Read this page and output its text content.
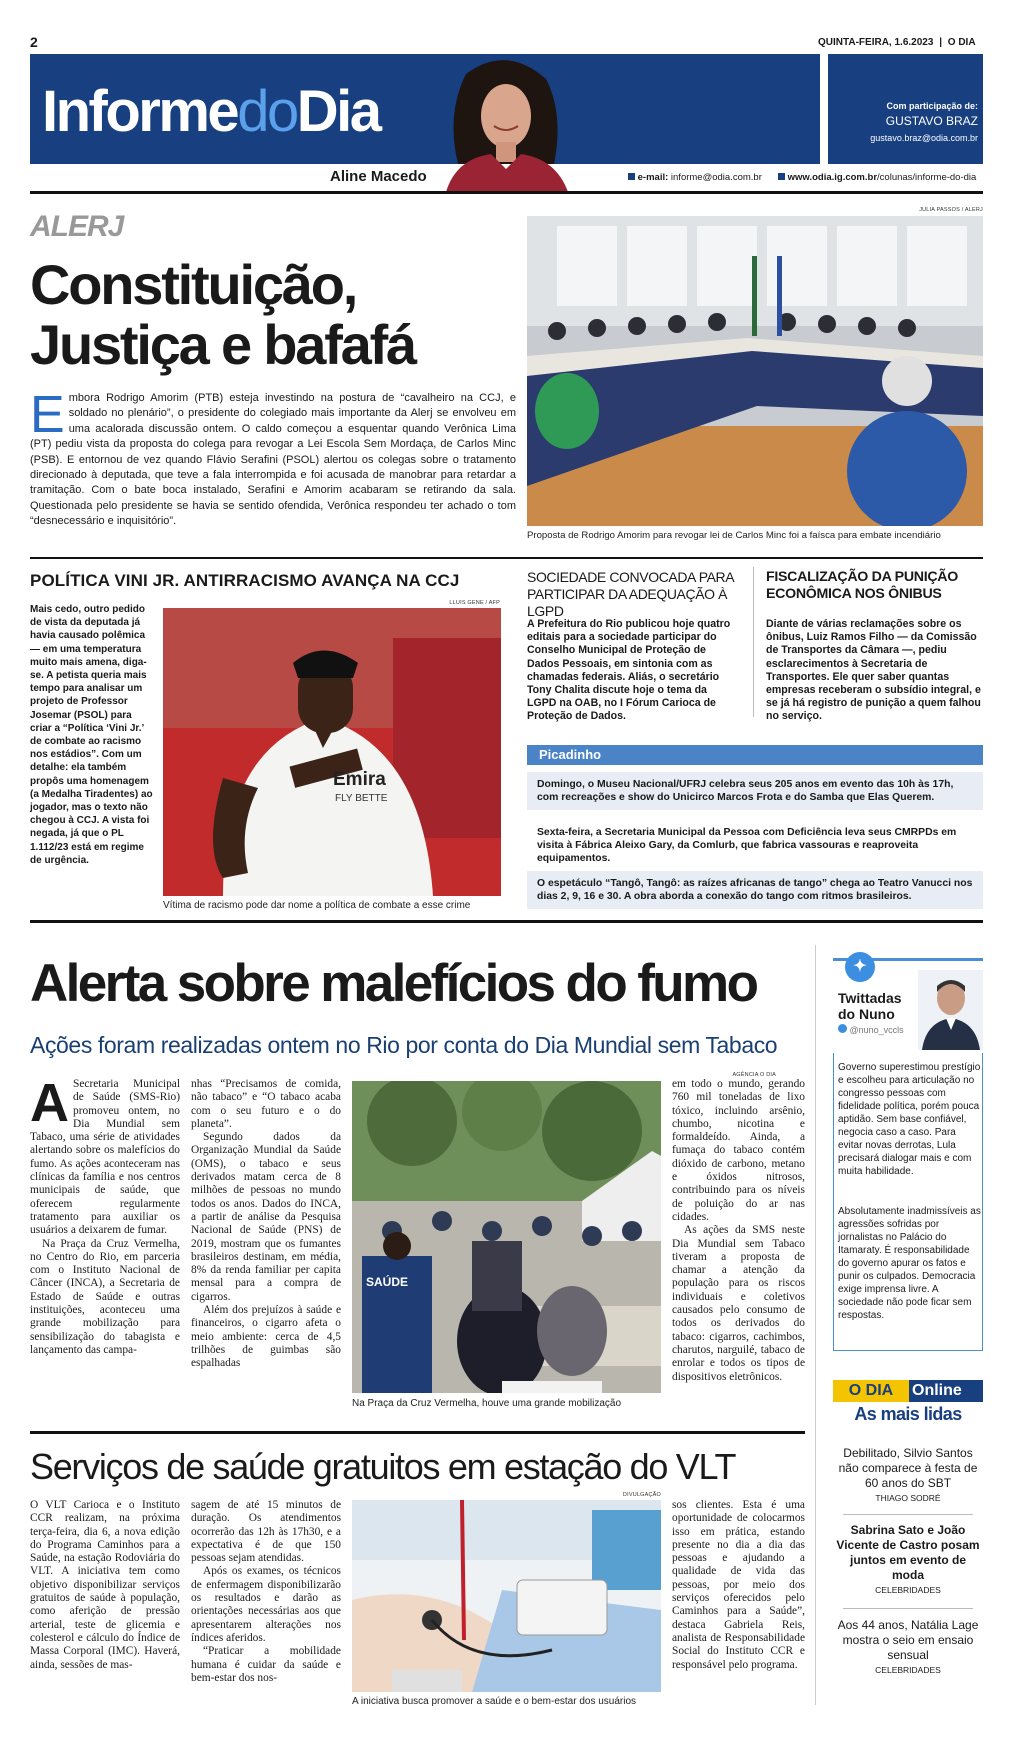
2	QUINTA-FEIRA, 1.6.2023 | O DIA
InformedoDia	Com participação de:
GUSTAVO BRAZ
gustavo.braz@odia.com.br
Aline Macedo	e-mail: informe@odia.com.br	www.odia.ig.com.br/colunas/informe-do-dia
ALERJ
Constituição,
Justiça e bafafá
Embora Rodrigo Amorim (PTB) esteja investindo na postura de “cavalheiro na CCJ, e soldado no plenário”, o presidente do colegiado mais importante da Alerj se envolveu em uma acalorada discussão ontem. O caldo começou a esquentar quando Verônica Lima (PT) pediu vista da proposta do colega para revogar a Lei Escola Sem Mordaça, de Carlos Minc (PSB). E entornou de vez quando Flávio Serafini (PSOL) alertou os colegas sobre o tratamento direcionado à deputada, que teve a fala interrompida e foi acusada de manobrar para retardar a tramitação. Com o bate boca instalado, Serafini e Amorim acabaram se retirando da sala. Questionada pelo presidente se havia se sentido ofendida, Verônica respondeu ter achado o tom “desnecessário e inquisitório”.
JULIA PASSOS / ALERJ
Proposta de Rodrigo Amorim para revogar lei de Carlos Minc foi a faísca para embate incendiário
POLÍTICA VINI JR. ANTIRRACISMO AVANÇA NA CCJ
Mais cedo, outro pedido de vista da deputada já havia causado polêmica — em uma temperatura muito mais amena, diga-se. A petista queria mais tempo para analisar um projeto de Professor Josemar (PSOL) para criar a “Política ‘Vini Jr.’ de combate ao racismo nos estádios”. Com um detalhe: ela também propôs uma homenagem (a Medalha Tiradentes) ao jogador, mas o texto não chegou à CCJ. A vista foi negada, já que o PL 1.112/23 está em regime de urgência.
LLUIS GENE / AFP
Emira
FLY BETTE
Vítima de racismo pode dar nome a política de combate a esse crime
SOCIEDADE CONVOCADA PARA PARTICIPAR DA ADEQUAÇÃO À LGPD
A Prefeitura do Rio publicou hoje quatro editais para a sociedade participar do Conselho Municipal de Proteção de Dados Pessoais, em sintonia com as chamadas federais. Aliás, o secretário Tony Chalita discute hoje o tema da LGPD na OAB, no I Fórum Carioca de Proteção de Dados.
FISCALIZAÇÃO DA PUNIÇÃO ECONÔMICA NOS ÔNIBUS
Diante de várias reclamações sobre os ônibus, Luiz Ramos Filho — da Comissão de Transportes da Câmara —, pediu esclarecimentos à Secretaria de Transportes. Ele quer saber quantas empresas receberam o subsídio integral, e se já há registro de punição a quem falhou no serviço.
Picadinho
Domingo, o Museu Nacional/UFRJ celebra seus 205 anos em evento das 10h às 17h, com recreações e show do Unicirco Marcos Frota e do Samba que Elas Querem.
Sexta-feira, a Secretaria Municipal da Pessoa com Deficiência leva seus CMRPDs em visita à Fábrica Aleixo Gary, da Comlurb, que fabrica vassouras e reaproveita equipamentos.
O espetáculo “Tangô, Tangô: as raízes africanas de tango” chega ao Teatro Vanucci nos dias 2, 9, 16 e 30. A obra aborda a conexão do tango com ritmos brasileiros.
Alerta sobre malefícios do fumo
Ações foram realizadas ontem no Rio por conta do Dia Mundial sem Tabaco
A Secretaria Municipal de Saúde (SMS-Rio) promoveu ontem, no Dia Mundial sem Tabaco, uma série de atividades alertando sobre os malefícios do fumo. As ações aconteceram nas clínicas da família e nos centros municipais de saúde, que oferecem regularmente tratamento para auxiliar os usuários a deixarem de fumar.
Na Praça da Cruz Vermelha, no Centro do Rio, em parceria com o Instituto Nacional de Câncer (INCA), a Secretaria de Estado de Saúde e outras instituições, aconteceu uma grande mobilização para sensibilização do tabagista e lançamento das campa-
nhas “Precisamos de comida, não tabaco” e “O tabaco acaba com o seu futuro e o do planeta”.
Segundo dados da Organização Mundial da Saúde (OMS), o tabaco e seus derivados matam cerca de 8 milhões de pessoas no mundo todos os anos. Dados do INCA, a partir de análise da Pesquisa Nacional de Saúde (PNS) de 2019, mostram que os fumantes brasileiros destinam, em média, 8% da renda familiar per capita mensal para a compra de cigarros.
Além dos prejuízos à saúde e financeiros, o cigarro afeta o meio ambiente: cerca de 4,5 trilhões de guimbas são espalhadas
AGÊNCIA O DIA
SAÚDE
Na Praça da Cruz Vermelha, houve uma grande mobilização
em todo o mundo, gerando 760 mil toneladas de lixo tóxico, incluindo arsênio, chumbo, nicotina e formaldeído. Ainda, a fumaça do tabaco contém dióxido de carbono, metano e óxidos nitrosos, contribuindo para os níveis de poluição do ar nas cidades.
As ações da SMS neste Dia Mundial sem Tabaco tiveram a proposta de chamar a atenção da população para os riscos individuais e coletivos causados pelo consumo de todos os derivados do tabaco: cigarros, cachimbos, charutos, narguilé, tabaco de enrolar e todos os tipos de dispositivos eletrônicos.
✦
Twittadas
do Nuno
@nuno_vccls
Governo superestimou prestígio e escolheu para articulação no congresso pessoas com fidelidade política, porém pouca aptidão. Sem base confiável, negocia caso a caso. Para evitar novas derrotas, Lula precisará dialogar mais e com muita habilidade.
Absolutamente inadmissíveis as agressões sofridas por jornalistas no Palácio do Itamaraty. É responsabilidade do governo apurar os fatos e punir os culpados. Democracia exige imprensa livre. A sociedade não pode ficar sem respostas.
O DIA	Online
As mais lidas
Debilitado, Silvio Santos não comparece à festa de 60 anos do SBT
THIAGO SODRÉ
Sabrina Sato e João Vicente de Castro posam juntos em evento de moda
CELEBRIDADES
Aos 44 anos, Natália Lage mostra o seio em ensaio sensual
CELEBRIDADES
Serviços de saúde gratuitos em estação do VLT
O VLT Carioca e o Instituto CCR realizam, na próxima terça-feira, dia 6, a nova edição do Programa Caminhos para a Saúde, na estação Rodoviária do VLT. A iniciativa tem como objetivo disponibilizar serviços gratuitos de saúde à população, como aferição de pressão arterial, teste de glicemia e colesterol e cálculo do Índice de Massa Corporal (IMC). Haverá, ainda, sessões de mas-
sagem de até 15 minutos de duração. Os atendimentos ocorrerão das 12h às 17h30, e a expectativa é de que 150 pessoas sejam atendidas.
Após os exames, os técnicos de enfermagem disponibilizarão os resultados e darão as orientações necessárias aos que apresentarem alterações nos índices aferidos.
“Praticar a mobilidade humana é cuidar da saúde e bem-estar dos nos-
DIVULGAÇÃO
A iniciativa busca promover a saúde e o bem-estar dos usuários
sos clientes. Esta é uma oportunidade de colocarmos isso em prática, estando presente no dia a dia das pessoas e ajudando a qualidade de vida das pessoas, por meio dos serviços oferecidos pelo Caminhos para a Saúde”, destaca Gabriela Reis, analista de Responsabilidade Social do Instituto CCR e responsável pelo programa.
